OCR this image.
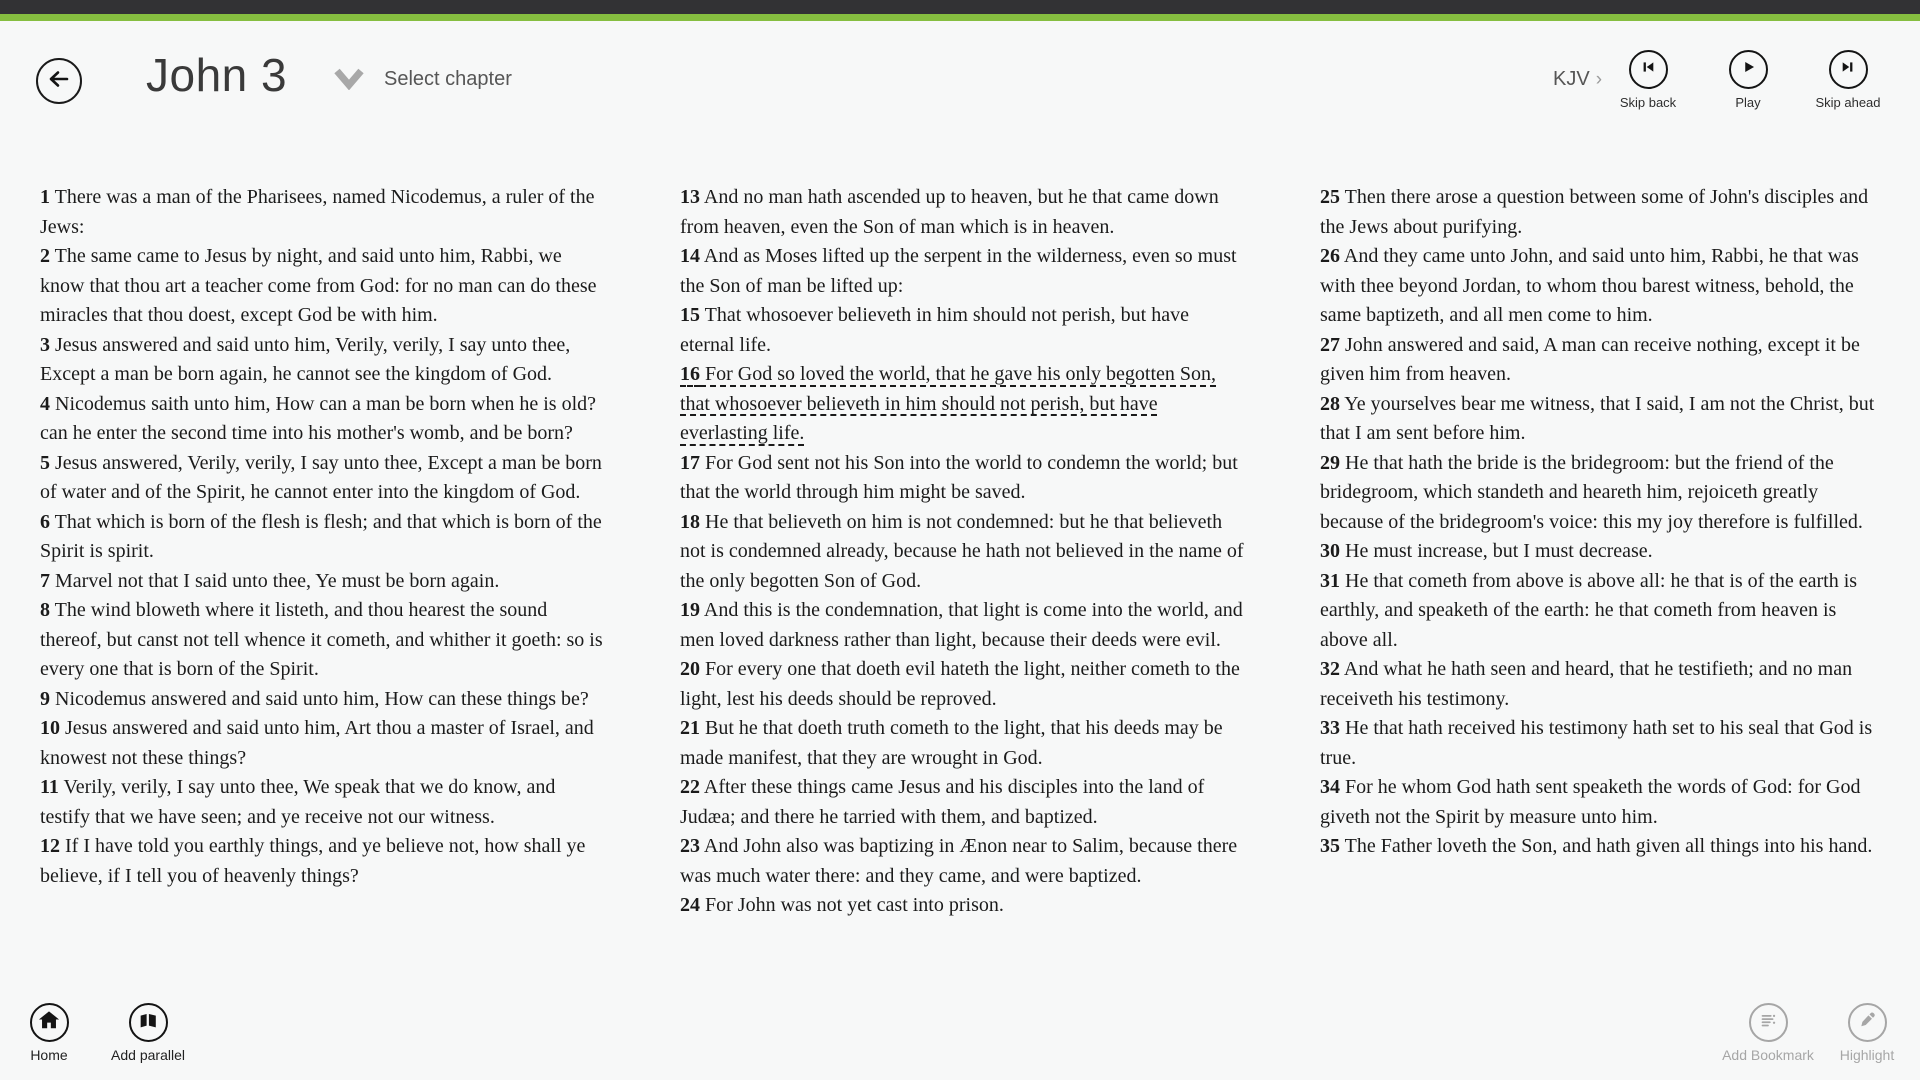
John 3	Select chapter	KJV ›
Skip back	Play	Skip ahead

1 There was a man of the Pharisees, named Nicodemus, a ruler of the Jews:

2 The same came to Jesus by night, and said unto him, Rabbi, we know that thou art a teacher come from God: for no man can do these miracles that thou doest, except God be with him.

3 Jesus answered and said unto him, Verily, verily, I say unto thee, Except a man be born again, he cannot see the kingdom of God.

4 Nicodemus saith unto him, How can a man be born when he is old? can he enter the second time into his mother's womb, and be born?

5 Jesus answered, Verily, verily, I say unto thee, Except a man be born of water and of the Spirit, he cannot enter into the kingdom of God.

6 That which is born of the flesh is flesh; and that which is born of the Spirit is spirit.

7 Marvel not that I said unto thee, Ye must be born again.

8 The wind bloweth where it listeth, and thou hearest the sound thereof, but canst not tell whence it cometh, and whither it goeth: so is every one that is born of the Spirit.

9 Nicodemus answered and said unto him, How can these things be?

10 Jesus answered and said unto him, Art thou a master of Israel, and knowest not these things?

11 Verily, verily, I say unto thee, We speak that we do know, and testify that we have seen; and ye receive not our witness.

12 If I have told you earthly things, and ye believe not, how shall ye believe, if I tell you of heavenly things?

13 And no man hath ascended up to heaven, but he that came down from heaven, even the Son of man which is in heaven.

14 And as Moses lifted up the serpent in the wilderness, even so must the Son of man be lifted up:

15 That whosoever believeth in him should not perish, but have eternal life.

16 For God so loved the world, that he gave his only begotten Son, that whosoever believeth in him should not perish, but have everlasting life.

17 For God sent not his Son into the world to condemn the world; but that the world through him might be saved.

18 He that believeth on him is not condemned: but he that believeth not is condemned already, because he hath not believed in the name of the only begotten Son of God.

19 And this is the condemnation, that light is come into the world, and men loved darkness rather than light, because their deeds were evil.

20 For every one that doeth evil hateth the light, neither cometh to the light, lest his deeds should be reproved.

21 But he that doeth truth cometh to the light, that his deeds may be made manifest, that they are wrought in God.

22 After these things came Jesus and his disciples into the land of Judæa; and there he tarried with them, and baptized.

23 And John also was baptizing in Ænon near to Salim, because there was much water there: and they came, and were baptized.

24 For John was not yet cast into prison.

25 Then there arose a question between some of John's disciples and the Jews about purifying.

26 And they came unto John, and said unto him, Rabbi, he that was with thee beyond Jordan, to whom thou barest witness, behold, the same baptizeth, and all men come to him.

27 John answered and said, A man can receive nothing, except it be given him from heaven.

28 Ye yourselves bear me witness, that I said, I am not the Christ, but that I am sent before him.

29 He that hath the bride is the bridegroom: but the friend of the bridegroom, which standeth and heareth him, rejoiceth greatly because of the bridegroom's voice: this my joy therefore is fulfilled.

30 He must increase, but I must decrease.

31 He that cometh from above is above all: he that is of the earth is earthly, and speaketh of the earth: he that cometh from heaven is above all.

32 And what he hath seen and heard, that he testifieth; and no man receiveth his testimony.

33 He that hath received his testimony hath set to his seal that God is true.

34 For he whom God hath sent speaketh the words of God: for God giveth not the Spirit by measure unto him.

35 The Father loveth the Son, and hath given all things into his hand.

Home	Add parallel	Add Bookmark	Highlight
